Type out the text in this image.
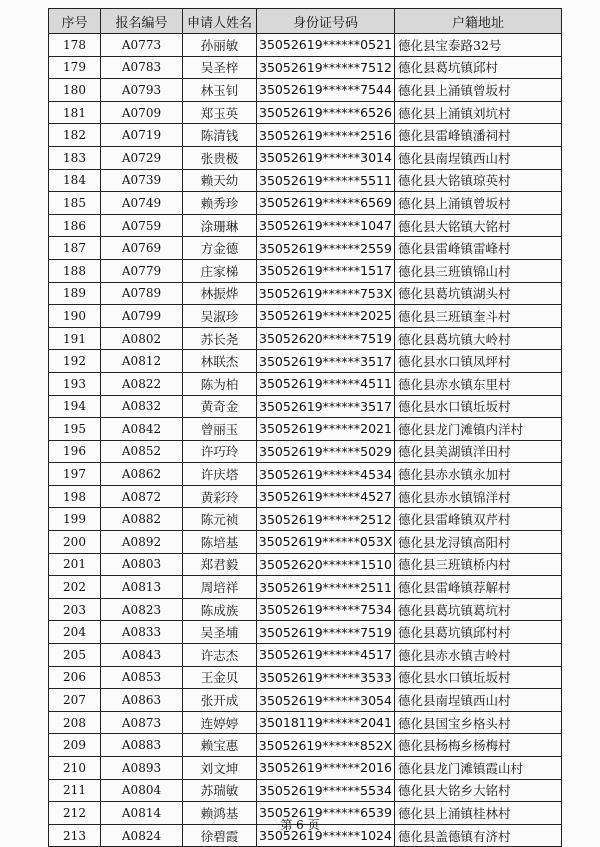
序号	报名编号	申请人姓名	身份证号码	户籍地址
178	A0773	孙丽敏	35052619******0521	德化县宝泰路32号
179	A0783	吴圣梓	35052619******7512	德化县葛坑镇邱村
180	A0793	林玉钊	35052619******7544	德化县上涌镇曾坂村
181	A0709	郑玉英	35052619******6526	德化县上涌镇刘坑村
182	A0719	陈清钱	35052619******2516	德化县雷峰镇潘祠村
183	A0729	张贵极	35052619******3014	德化县南埕镇西山村
184	A0739	赖天幼	35052619******5511	德化县大铭镇琼英村
185	A0749	赖秀珍	35052619******6569	德化县上涌镇曾坂村
186	A0759	涂珊琳	35052619******1047	德化县大铭镇大铭村
187	A0769	方金德	35052619******2559	德化县雷峰镇雷峰村
188	A0779	庄家梯	35052619******1517	德化县三班镇锦山村
189	A0789	林振烨	35052619******753X	德化县葛坑镇湖头村
190	A0799	吴淑珍	35052619******2025	德化县三班镇奎斗村
191	A0802	苏长尧	35052620******7519	德化县葛坑镇大岭村
192	A0812	林联杰	35052619******3517	德化县水口镇凤坪村
193	A0822	陈为柏	35052619******4511	德化县赤水镇东里村
194	A0832	黄奇金	35052619******3517	德化县水口镇坵坂村
195	A0842	曾丽玉	35052619******2021	德化县龙门滩镇内洋村
196	A0852	许巧玲	35052619******5029	德化县美湖镇洋田村
197	A0862	许庆塔	35052619******4534	德化县赤水镇永加村
198	A0872	黄彩玲	35052619******4527	德化县赤水镇锦洋村
199	A0882	陈元祯	35052619******2512	德化县雷峰镇双芹村
200	A0892	陈培基	35052619******053X	德化县龙浔镇高阳村
201	A0803	郑君毅	35052620******1510	德化县三班镇桥内村
202	A0813	周培祥	35052619******2511	德化县雷峰镇荐解村
203	A0823	陈成族	35052619******7534	德化县葛坑镇葛坑村
204	A0833	吴圣埔	35052619******7519	德化县葛坑镇邱村村
205	A0843	许志杰	35052619******4517	德化县赤水镇吉岭村
206	A0853	王金贝	35052619******3533	德化县水口镇坵坂村
207	A0863	张开成	35052619******3054	德化县南埕镇西山村
208	A0873	连婷婷	35018119******2041	德化县国宝乡格头村
209	A0883	赖宝惠	35052619******852X	德化县杨梅乡杨梅村
210	A0893	刘文坤	35052619******2016	德化县龙门滩镇霞山村
211	A0804	苏瑞敏	35052619******5534	德化县大铭乡大铭村
212	A0814	赖鸿基	35052619******6539	德化县上涌镇桂林村
213	A0824	徐碧霞	35052619******1024	德化县盖德镇有济村
第 6 页
